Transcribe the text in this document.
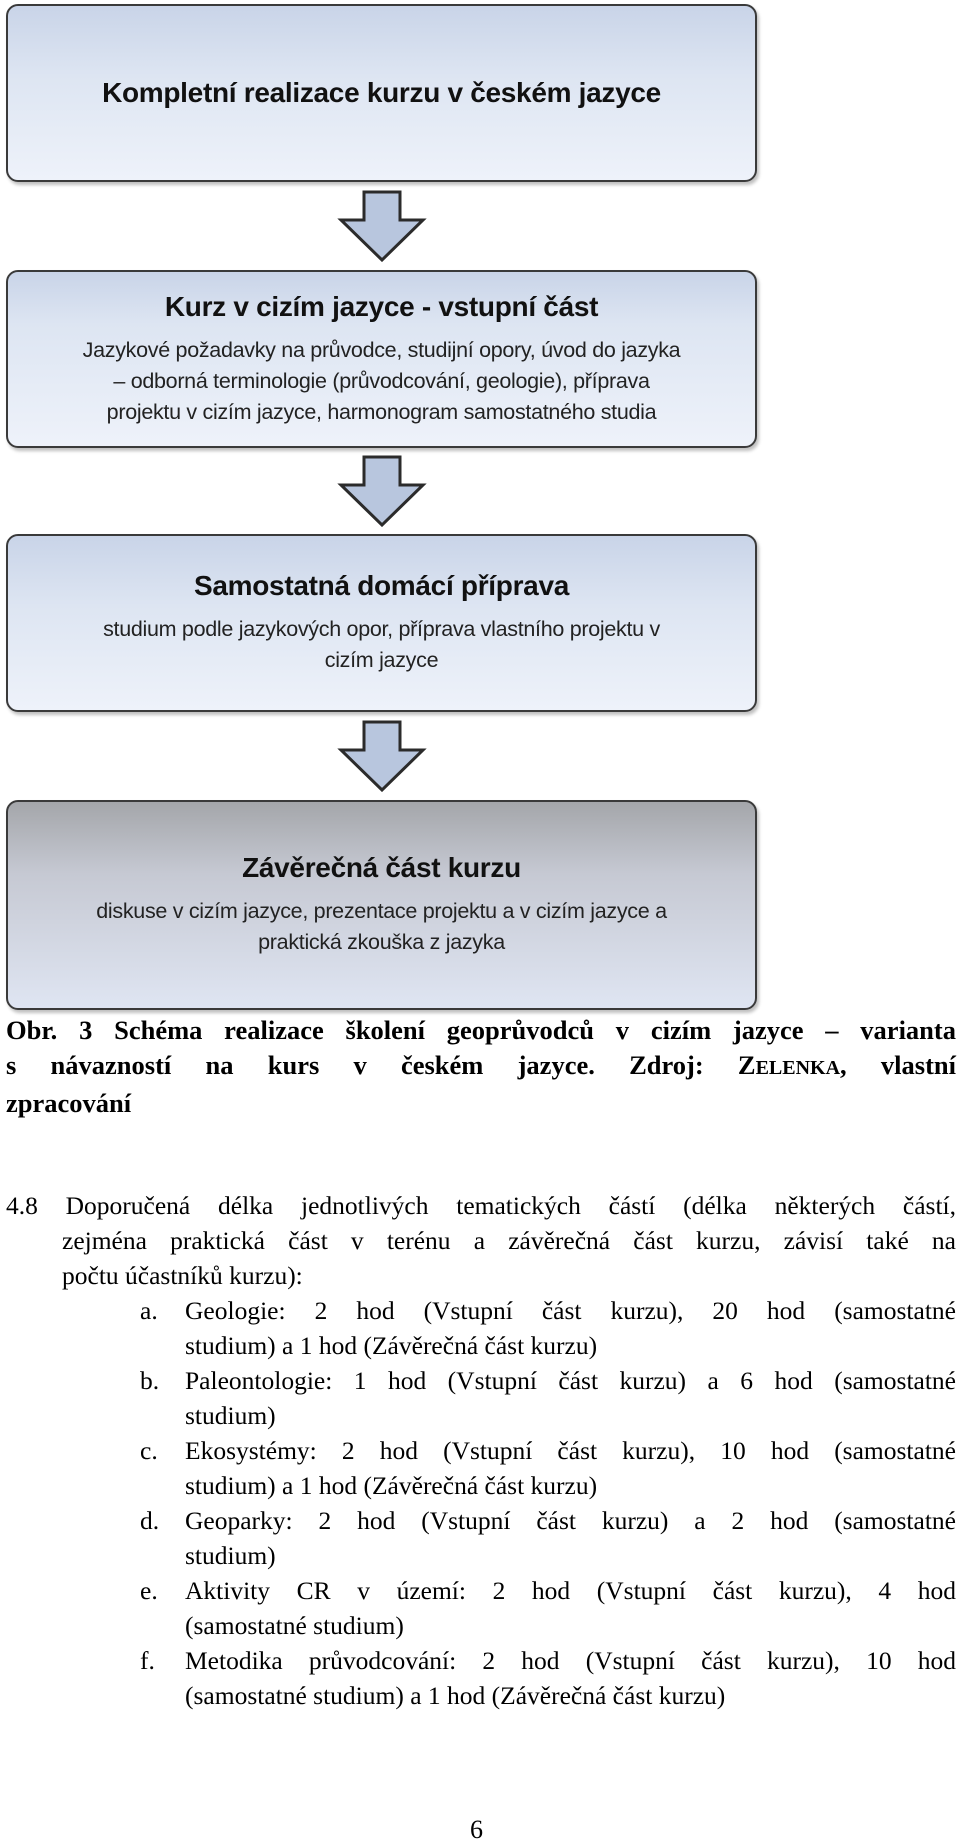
Kompletní realizace kurzu v českém jazyce
Kurz v cizím jazyce - vstupní část
Jazykové požadavky na průvodce, studijní opory, úvod do jazyka
– odborná terminologie (průvodcování, geologie), příprava
projektu v cizím jazyce, harmonogram samostatného studia
Samostatná domácí příprava
studium podle jazykových opor, příprava vlastního projektu v
cizím jazyce
Závěrečná část kurzu
diskuse v cizím jazyce, prezentace projektu a v cizím jazyce a
praktická zkouška z jazyka
Obr. 3 Schéma realizace školení geoprůvodců v cizím jazyce – varianta
s návazností na kurs v českém jazyce. Zdroj: ZELENKA, vlastní
zpracování
4.8 Doporučená délka jednotlivých tematických částí (délka některých částí,
zejména praktická část v terénu a závěrečná část kurzu, závisí také na
počtu účastníků kurzu):
a. Geologie: 2 hod (Vstupní část kurzu), 20 hod (samostatné
studium) a 1 hod (Závěrečná část kurzu)
b. Paleontologie: 1 hod (Vstupní část kurzu) a 6 hod (samostatné
studium)
c. Ekosystémy: 2 hod (Vstupní část kurzu), 10 hod (samostatné
studium) a 1 hod (Závěrečná část kurzu)
d. Geoparky: 2 hod (Vstupní část kurzu) a 2 hod (samostatné
studium)
e. Aktivity CR v území: 2 hod (Vstupní část kurzu), 4 hod
(samostatné studium)
f. Metodika průvodcování: 2 hod (Vstupní část kurzu), 10 hod
(samostatné studium) a 1 hod (Závěrečná část kurzu)
6
